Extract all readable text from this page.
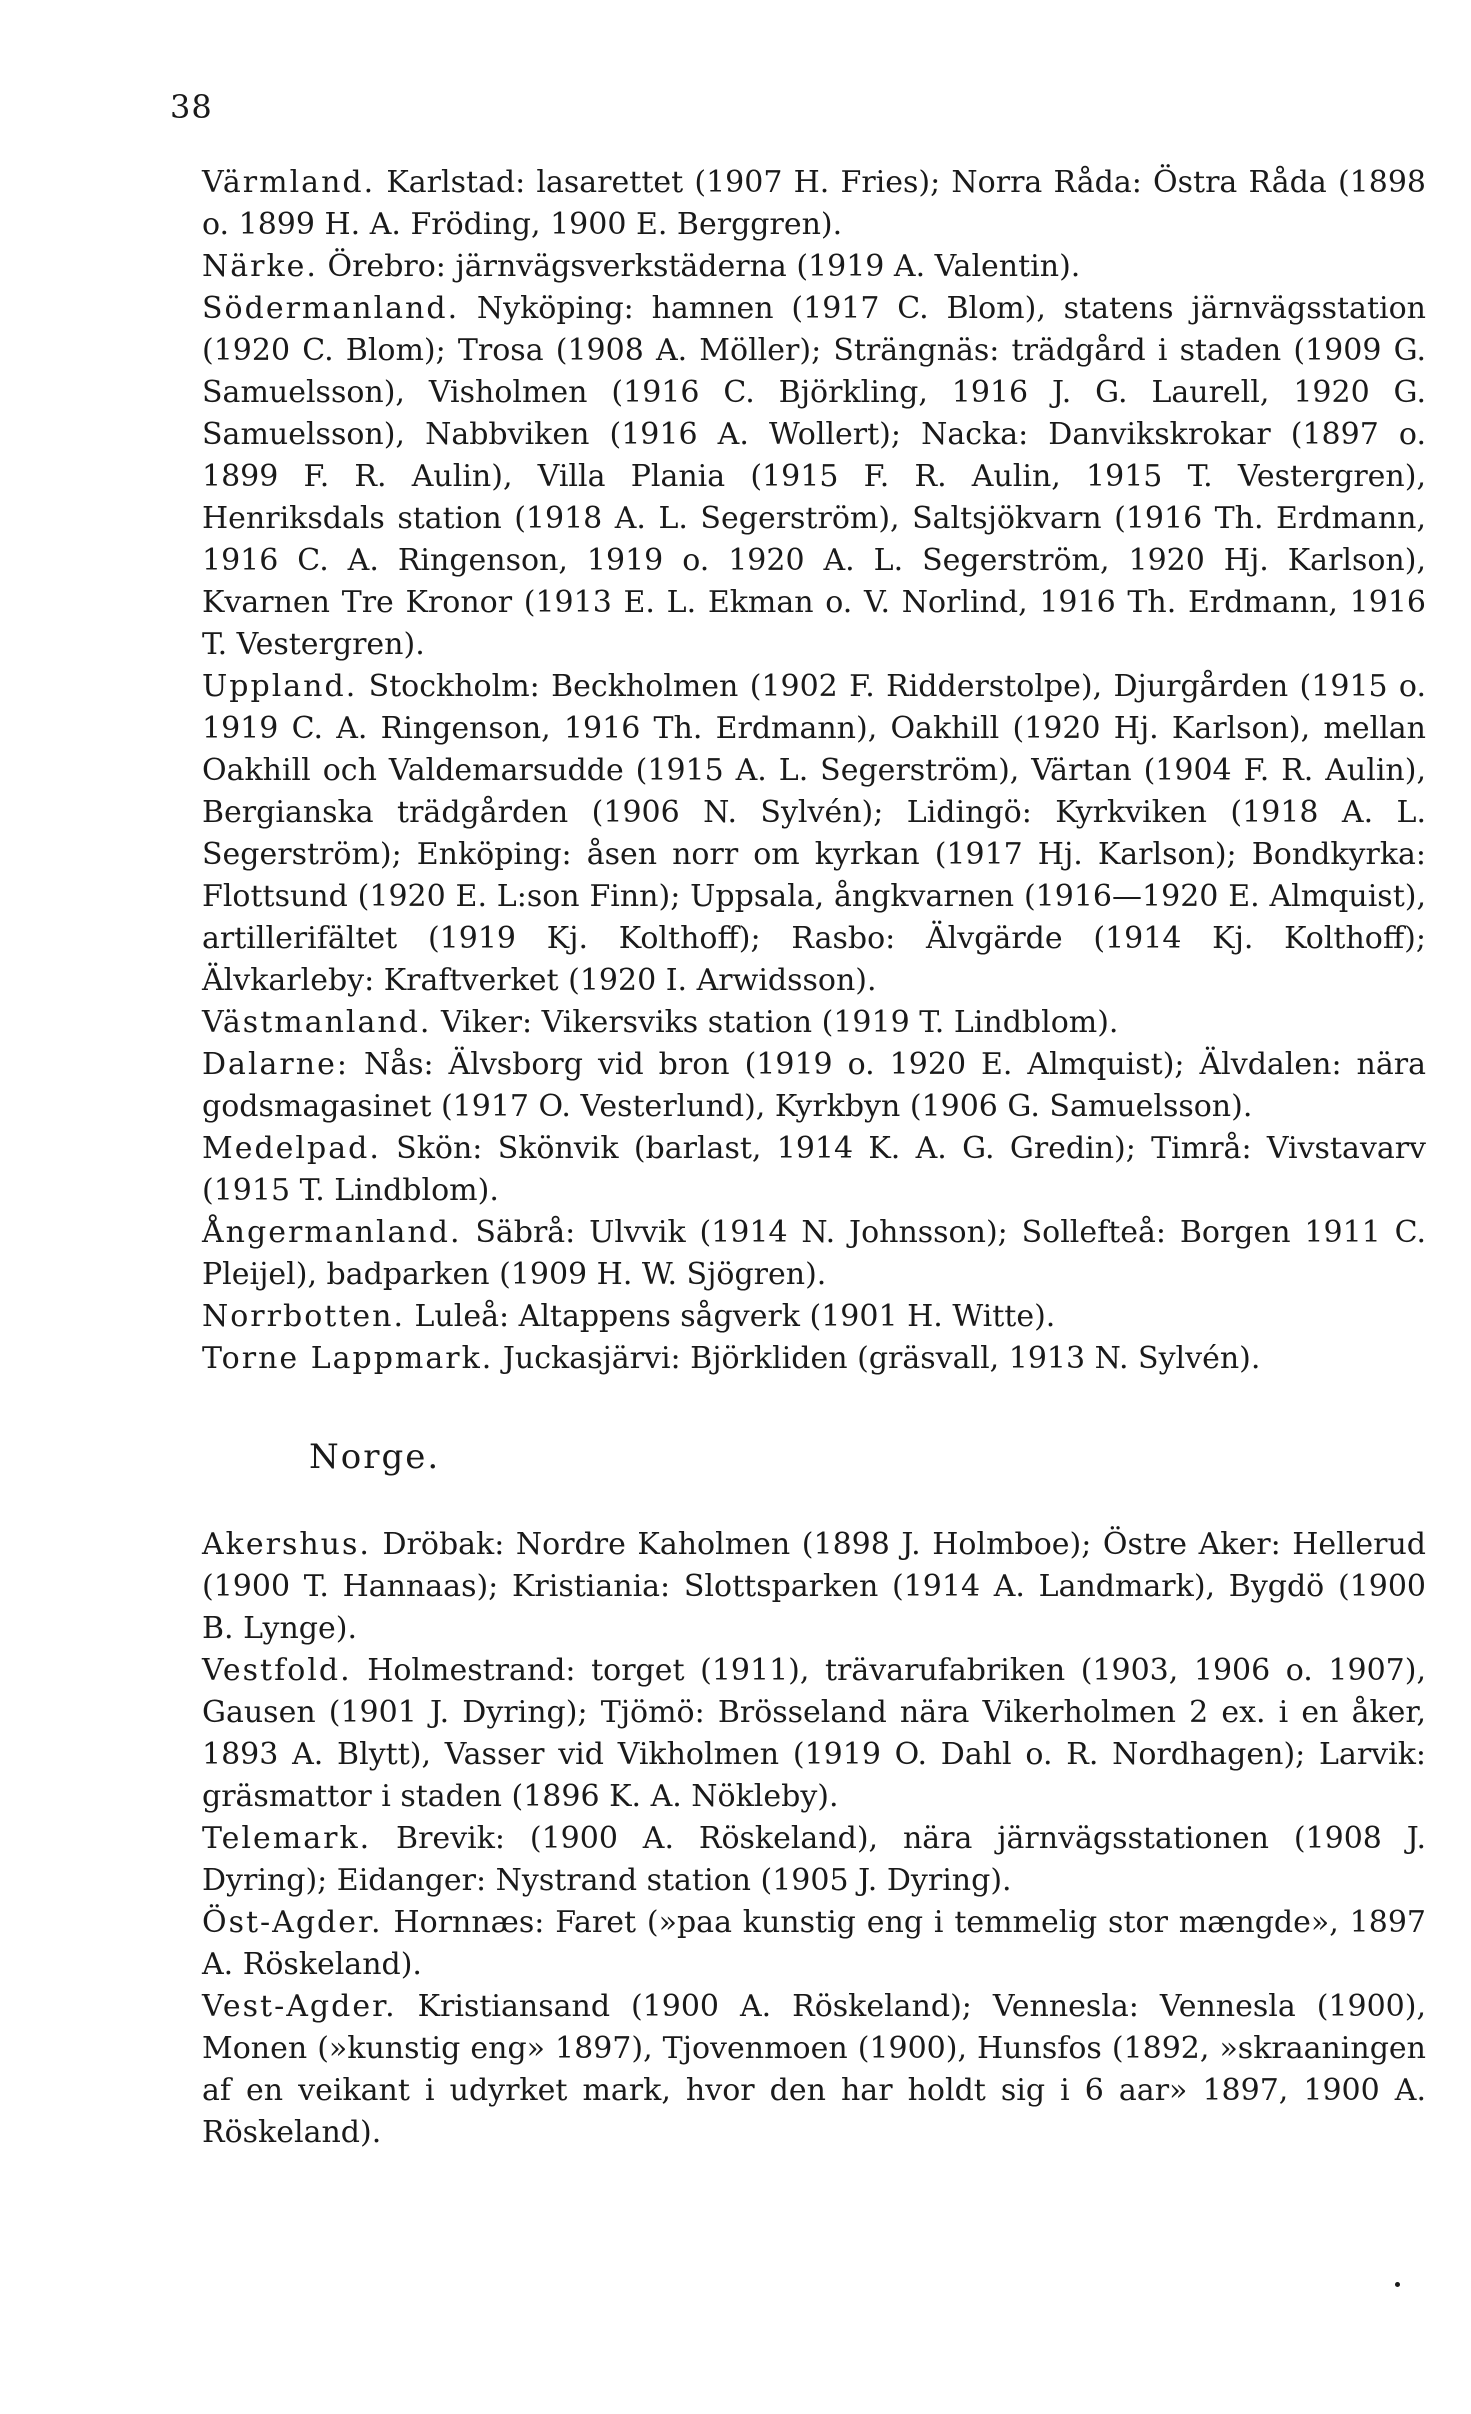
38

Värmland. Karlstad: lasarettet (1907 H. Fries); Norra Råda: Östra Råda (1898 o. 1899 H. A. Fröding, 1900 E. Berggren).

Närke. Örebro: järnvägsverkstäderna (1919 A. Valentin).

Södermanland. Nyköping: hamnen (1917 C. Blom), statens järnvägsstation (1920 C. Blom); Trosa (1908 A. Möller); Strängnäs: trädgård i staden (1909 G. Samuelsson), Visholmen (1916 C. Björkling, 1916 J. G. Laurell, 1920 G. Samuelsson), Nabbviken (1916 A. Wollert); Nacka: Danvikskrokar (1897 o. 1899 F. R. Aulin), Villa Plania (1915 F. R. Aulin, 1915 T. Vestergren), Henriksdals station (1918 A. L. Segerström), Saltsjökvarn (1916 Th. Erdmann, 1916 C. A. Ringenson, 1919 o. 1920 A. L. Segerström, 1920 Hj. Karlson), Kvarnen Tre Kronor (1913 E. L. Ekman o. V. Norlind, 1916 Th. Erdmann, 1916 T. Vestergren).

Uppland. Stockholm: Beckholmen (1902 F. Ridderstolpe), Djurgården (1915 o. 1919 C. A. Ringenson, 1916 Th. Erdmann), Oakhill (1920 Hj. Karlson), mellan Oakhill och Valdemarsudde (1915 A. L. Segerström), Värtan (1904 F. R. Aulin), Bergianska trädgården (1906 N. Sylvén); Lidingö: Kyrkviken (1918 A. L. Segerström); Enköping: åsen norr om kyrkan (1917 Hj. Karlson); Bondkyrka: Flottsund (1920 E. L:son Finn); Uppsala, ångkvarnen (1916—1920 E. Almquist), artillerifältet (1919 Kj. Kolthoff); Rasbo: Älvgärde (1914 Kj. Kolthoff); Älvkarleby: Kraftverket (1920 I. Arwidsson).

Västmanland. Viker: Vikersviks station (1919 T. Lindblom).

Dalarne: Nås: Älvsborg vid bron (1919 o. 1920 E. Almquist); Älvdalen: nära godsmagasinet (1917 O. Vesterlund), Kyrkbyn (1906 G. Samuelsson).

Medelpad. Skön: Skönvik (barlast, 1914 K. A. G. Gredin); Timrå: Vivstavarv (1915 T. Lindblom).

Ångermanland. Säbrå: Ulvvik (1914 N. Johnsson); Sollefteå: Borgen 1911 C. Pleijel), badparken (1909 H. W. Sjögren).

Norrbotten. Luleå: Altappens sågverk (1901 H. Witte).

Torne Lappmark. Juckasjärvi: Björkliden (gräsvall, 1913 N. Sylvén).

Norge.

Akershus. Dröbak: Nordre Kaholmen (1898 J. Holmboe); Östre Aker: Hellerud (1900 T. Hannaas); Kristiania: Slottsparken (1914 A. Landmark), Bygdö (1900 B. Lynge).

Vestfold. Holmestrand: torget (1911), trävarufabriken (1903, 1906 o. 1907), Gausen (1901 J. Dyring); Tjömö: Brösseland nära Vikerholmen 2 ex. i en åker, 1893 A. Blytt), Vasser vid Vikholmen (1919 O. Dahl o. R. Nordhagen); Larvik: gräsmattor i staden (1896 K. A. Nökleby).

Telemark. Brevik: (1900 A. Röskeland), nära järnvägsstationen (1908 J. Dyring); Eidanger: Nystrand station (1905 J. Dyring).

Öst-Agder. Hornnæs: Faret (»paa kunstig eng i temmelig stor mængde», 1897 A. Röskeland).

Vest-Agder. Kristiansand (1900 A. Röskeland); Vennesla: Vennesla (1900), Monen (»kunstig eng» 1897), Tjovenmoen (1900), Hunsfos (1892, »skraaningen af en veikant i udyrket mark, hvor den har holdt sig i 6 aar» 1897, 1900 A. Röskeland).
